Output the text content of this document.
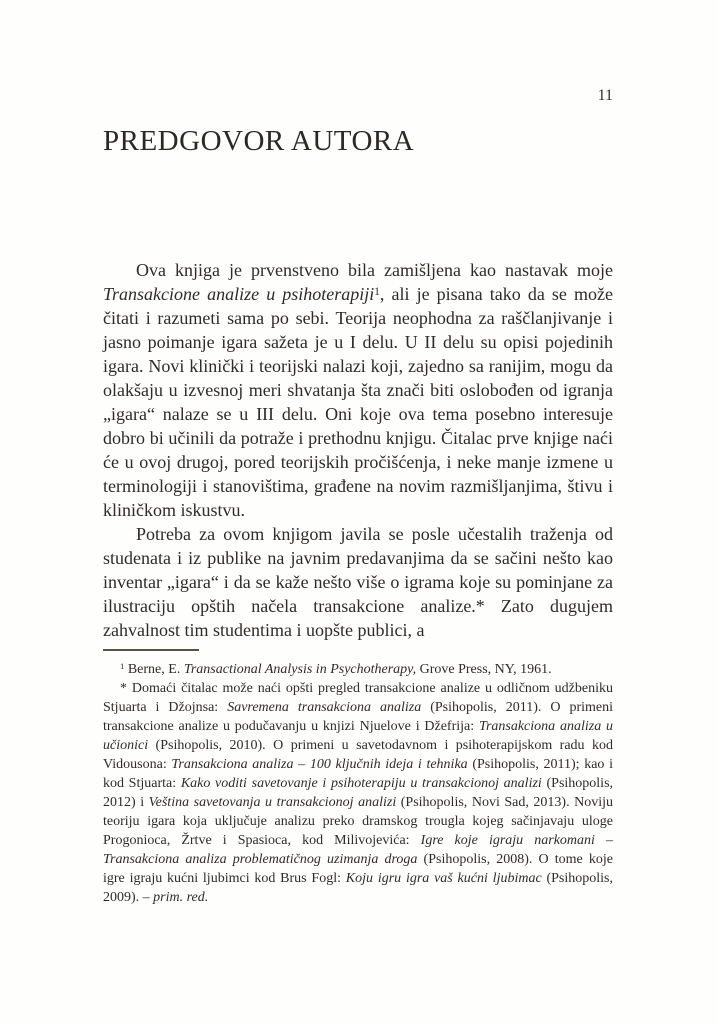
11
PREDGOVOR AUTORA

Ova knjiga je prvenstveno bila zamišljena kao nastavak moje Transakcione analize u psihoterapiji$^1$, ali je pisana tako da se može čitati i razumeti sama po sebi. Teorija neophodna za raščlanjivanje i jasno poimanje igara sažeta je u I delu. U II delu su opisi pojedinih igara. Novi klinički i teorijski nalazi koji, zajedno sa ranijim, mogu da olakšaju u izvesnoj meri shvatanja šta znači biti oslobođen od igranja „igara“ nalaze se u III delu. Oni koje ova tema posebno interesuje dobro bi učinili da potraže i prethodnu knjigu. Čitalac prve knjige naći će u ovoj drugoj, pored teorijskih pročišćenja, i neke manje izmene u terminologiji i stanovištima, građene na novim razmišljanjima, štivu i kliničkom iskustvu.

Potreba za ovom knjigom javila se posle učestalih traženja od studenata i iz publike na javnim predavanjima da se sačini nešto kao inventar „igara“ i da se kaže nešto više o igrama koje su pominjane za ilustraciju opštih načela transakcione analize.* Zato dugujem zahvalnost tim studentima i uopšte publici, a

$^1$ Berne, E. Transactional Analysis in Psychotherapy, Grove Press, NY, 1961.

* Domaći čitalac može naći opšti pregled transakcione analize u odličnom udžbeniku Stjuarta i Džojnsa: Savremena transakciona analiza (Psihopolis, 2011). O primeni transakcione analize u podučavanju u knjizi Njuelove i Džefrija: Transakciona analiza u učionici (Psihopolis, 2010). O primeni u savetodavnom i psihoterapijskom radu kod Vidousona: Transakciona analiza – 100 ključnih ideja i tehnika (Psihopolis, 2011); kao i kod Stjuarta: Kako voditi savetovanje i psihoterapiju u transakcionoj analizi (Psihopolis, 2012) i Veština savetovanja u transakcionoj analizi (Psihopolis, Novi Sad, 2013). Noviju teoriju igara koja uključuje analizu preko dramskog trougla kojeg sačinjavaju uloge Progonioca, Žrtve i Spasioca, kod Milivojevića: Igre koje igraju narkomani –Transakciona analiza problematičnog uzimanja droga (Psihopolis, 2008). O tome koje igre igraju kućni ljubimci kod Brus Fogl: Koju igru igra vaš kućni ljubimac (Psihopolis, 2009). – prim. red.
